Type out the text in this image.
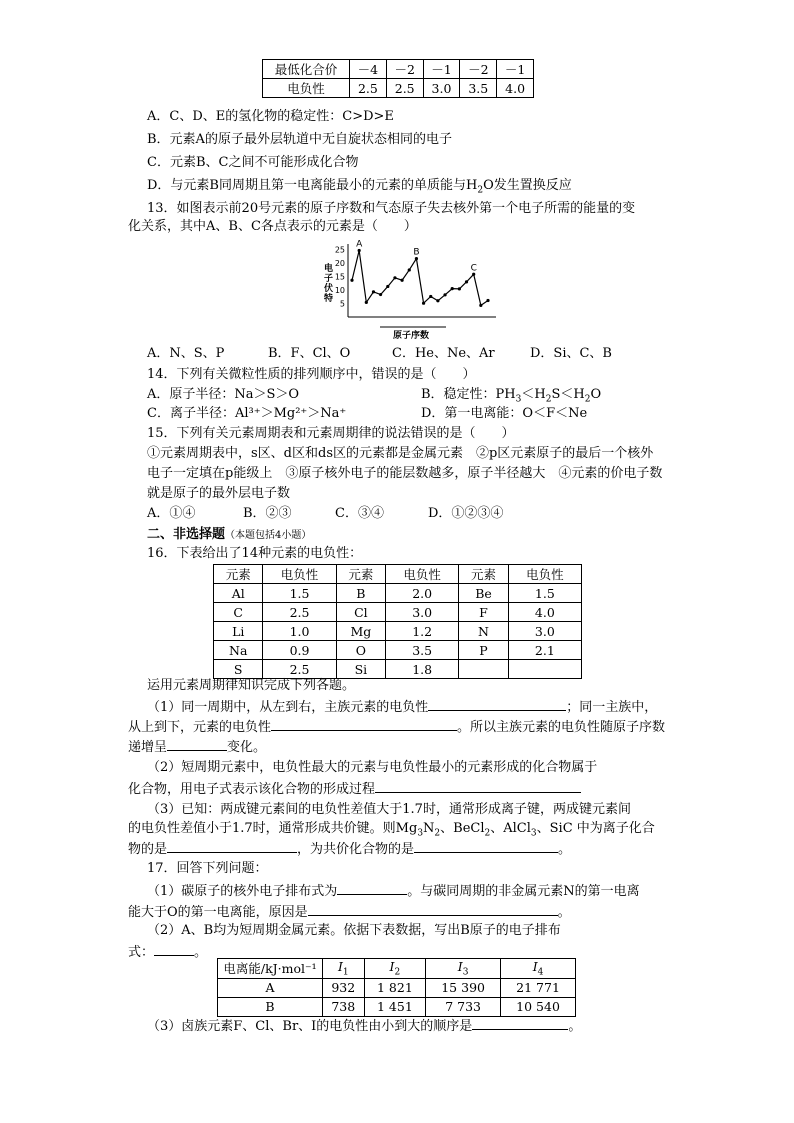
最低化合价	－4	－2	－1	－2	－1
电负性	2.5	2.5	3.0	3.5	4.0
A．C、D、E的氢化物的稳定性：C>D>E
B．元素A的原子最外层轨道中无自旋状态相同的电子
C．元素B、C之间不可能形成化合物
D．与元素B同周期且第一电离能最小的元素的单质能与$H_2O$发生置换反应
13．如图表示前20号元素的原子序数和气态原子失去核外第一个电子所需的能量的变
化关系，其中A、B、C各点表示的元素是（　　）
电
子
伏
特 5
10
15
20
25
A
B
C
原子序数
A．N、S、P	B．F、Cl、O	C．He、Ne、Ar	D．Si、C、B
14．下列有关微粒性质的排列顺序中，错误的是（　　）
A．原子半径：Na＞S＞O	B．稳定性：$PH_3<H_2S<H_2O$
C．离子半径：Al³⁺＞Mg²⁺＞Na⁺	D．第一电离能：O＜F＜Ne
15．下列有关元素周期表和元素周期律的说法错误的是（　　）
①元素周期表中，s区、d区和ds区的元素都是金属元素　②p区元素原子的最后一个核外
电子一定填在p能级上　③原子核外电子的能层数越多，原子半径越大　④元素的价电子数
就是原子的最外层电子数
A．①④	B．②③	C．③④	D．①②③④
二、非选择题（本题包括4小题）
16．下表给出了14种元素的电负性：
元素	电负性	元素	电负性	元素	电负性
Al	1.5	B	2.0	Be	1.5
C	2.5	Cl	3.0	F	4.0
Li	1.0	Mg	1.2	N	3.0
Na	0.9	O	3.5	P	2.1
S	2.5	Si	1.8		
运用元素周期律知识完成下列各题。
（1）同一周期中，从左到右，主族元素的电负性	；同一主族中，
从上到下，元素的电负性	。所以主族元素的电负性随原子序数
递增呈	变化。
（2）短周期元素中，电负性最大的元素与电负性最小的元素形成的化合物属于
化合物，用电子式表示该化合物的形成过程
（3）已知：两成键元素间的电负性差值大于1.7时，通常形成离子键，两成键元素间
的电负性差值小于1.7时，通常形成共价键。则$Mg_3N_2$、BeCl$_2$、AlCl$_3$、SiC 中为离子化合
物的是	，为共价化合物的是	。
17．回答下列问题：
（1）碳原子的核外电子排布式为	。与碳同周期的非金属元素N的第一电离
能大于O的第一电离能，原因是	。
（2）A、B均为短周期金属元素。依据下表数据，写出B原子的电子排布
式：	。
电离能/kJ·mol⁻¹	$I_1$	$I_2$	$I_3$	$I_4$
A	932	1 821	15 390	21 771
B	738	1 451	7 733	10 540
（3）卤族元素F、Cl、Br、I的电负性由小到大的顺序是	。
